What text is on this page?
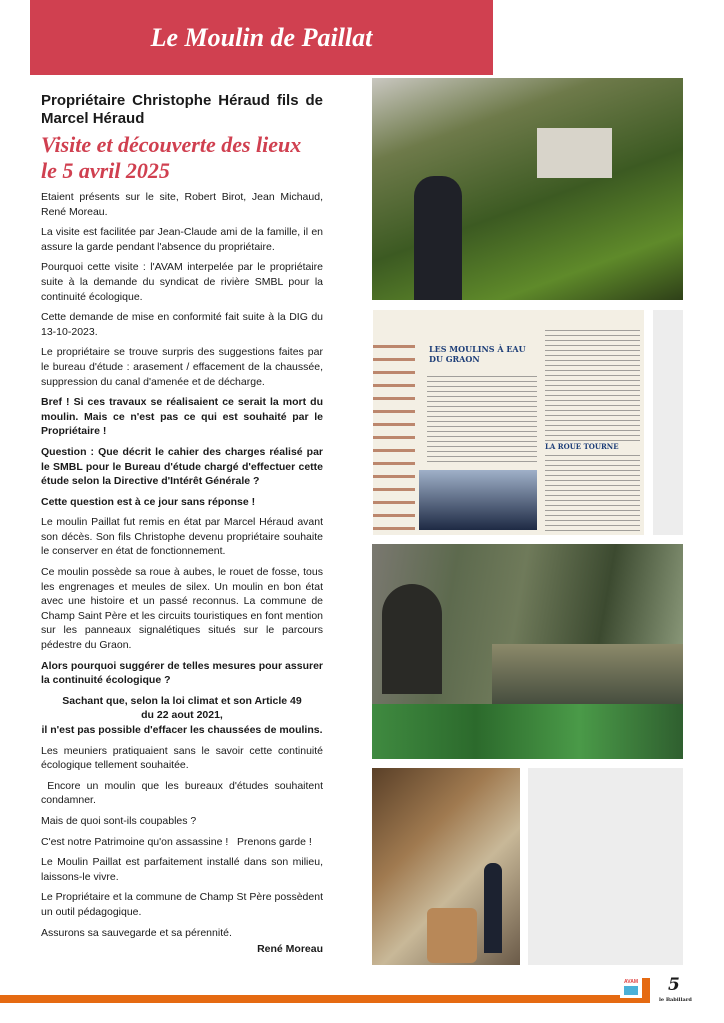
Le Moulin de Paillat
Propriétaire Christophe Héraud fils de Marcel Héraud
Visite et découverte des lieux
le 5 avril 2025

Etaient présents sur le site, Robert Birot, Jean Michaud, René Moreau.

La visite est facilitée par Jean-Claude ami de la famille, il en assure la garde pendant l'absence du propriétaire.

Pourquoi cette visite : l'AVAM interpelée par le propriétaire suite à la demande du syndicat de rivière SMBL pour la continuité écologique.

Cette demande de mise en conformité fait suite à la DIG du 13-10-2023.

Le propriétaire se trouve surpris des suggestions faites par le bureau d'étude : arasement / effacement de la chaussée, suppression du canal d'amenée et de décharge.

Bref ! Si ces travaux se réalisaient ce serait la mort du moulin. Mais ce n'est pas ce qui est souhaité par le Propriétaire !

Question : Que décrit le cahier des charges réalisé par le SMBL pour le Bureau d'étude chargé d'effectuer cette étude selon la Directive d'Intérêt Générale ?

Cette question est à ce jour sans réponse !

Le moulin Paillat fut remis en état par Marcel Héraud avant son décès. Son fils Christophe devenu propriétaire souhaite le conserver en état de fonctionnement.

Ce moulin possède sa roue à aubes, le rouet de fosse, tous les engrenages et meules de silex. Un moulin en bon état avec une histoire et un passé reconnus. La commune de Champ Saint Père et les circuits touristiques en font mention sur les panneaux signalétiques situés sur le parcours pédestre du Graon.

Alors pourquoi suggérer de telles mesures pour assurer la continuité écologique ?

Sachant que, selon la loi climat et son Article 49
du 22 aout 2021,
il n'est pas possible d'effacer les chaussées de moulins.

Les meuniers pratiquaient sans le savoir cette continuité écologique tellement souhaitée.

Encore un moulin que les bureaux d'études souhaitent condamner.

Mais de quoi sont-ils coupables ?

C'est notre Patrimoine qu'on assassine !   Prenons garde !

Le Moulin Paillat est parfaitement installé dans son milieu, laissons-le vivre.

Le Propriétaire et la commune de Champ St Père possèdent un outil pédagogique.

Assurons sa sauvegarde et sa pérennité.

René Moreau

LES MOULINS À EAU DU GRAON
LA ROUE TOURNE
AVAM 5
le Babillard
